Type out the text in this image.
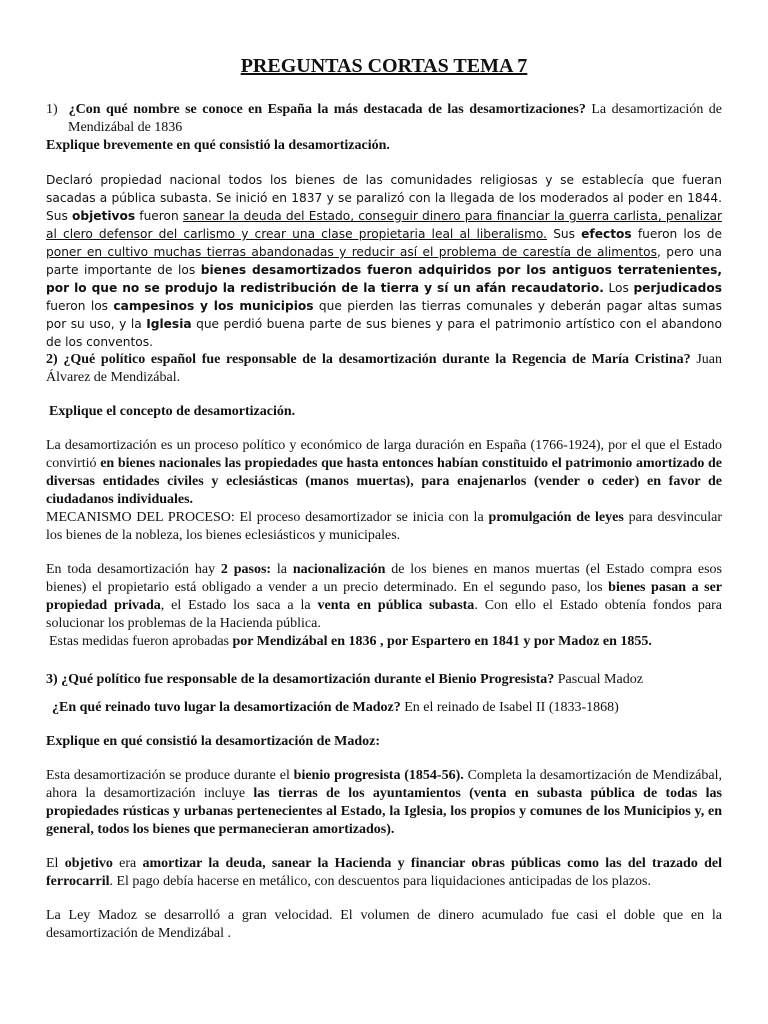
PREGUNTAS CORTAS TEMA 7
1) ¿Con qué nombre se conoce en España la más destacada de las desamortizaciones? La desamortización de Mendizábal de 1836
Explique brevemente en qué consistió la desamortización.
Declaró propiedad nacional todos los bienes de las comunidades religiosas y se establecía que fueran sacadas a pública subasta. Se inició en 1837 y se paralizó con la llegada de los moderados al poder en 1844. Sus objetivos fueron sanear la deuda del Estado, conseguir dinero para financiar la guerra carlista, penalizar al clero defensor del carlismo y crear una clase propietaria leal al liberalismo. Sus efectos fueron los de poner en cultivo muchas tierras abandonadas y reducir así el problema de carestía de alimentos, pero una parte importante de los bienes desamortizados fueron adquiridos por los antiguos terratenientes, por lo que no se produjo la redistribución de la tierra y sí un afán recaudatorio. Los perjudicados fueron los campesinos y los municipios que pierden las tierras comunales y deberán pagar altas sumas por su uso, y la Iglesia que perdió buena parte de sus bienes y para el patrimonio artístico con el abandono de los conventos.
2) ¿Qué político español fue responsable de la desamortización durante la Regencia de María Cristina? Juan Álvarez de Mendizábal.
Explique el concepto de desamortización.
La desamortización es un proceso político y económico de larga duración en España (1766-1924), por el que el Estado convirtió en bienes nacionales las propiedades que hasta entonces habían constituido el patrimonio amortizado de diversas entidades civiles y eclesiásticas (manos muertas), para enajenarlos (vender o ceder) en favor de ciudadanos individuales.
MECANISMO DEL PROCESO: El proceso desamortizador se inicia con la promulgación de leyes para desvincular los bienes de la nobleza, los bienes eclesiásticos y municipales.
En toda desamortización hay 2 pasos: la nacionalización de los bienes en manos muertas (el Estado compra esos bienes) el propietario está obligado a vender a un precio determinado. En el segundo paso, los bienes pasan a ser propiedad privada, el Estado los saca a la venta en pública subasta. Con ello el Estado obtenía fondos para solucionar los problemas de la Hacienda pública.
Estas medidas fueron aprobadas por Mendizábal en 1836 , por Espartero en 1841 y por Madoz en 1855.
3) ¿Qué político fue responsable de la desamortización durante el Bienio Progresista? Pascual Madoz
¿En qué reinado tuvo lugar la desamortización de Madoz? En el reinado de Isabel II (1833-1868)
Explique en qué consistió la desamortización de Madoz:
Esta desamortización se produce durante el bienio progresista (1854-56). Completa la desamortización de Mendizábal, ahora la desamortización incluye las tierras de los ayuntamientos (venta en subasta pública de todas las propiedades rústicas y urbanas pertenecientes al Estado, la Iglesia, los propios y comunes de los Municipios y, en general, todos los bienes que permanecieran amortizados).
El objetivo era amortizar la deuda, sanear la Hacienda y financiar obras públicas como las del trazado del ferrocarril. El pago debía hacerse en metálico, con descuentos para liquidaciones anticipadas de los plazos.
La Ley Madoz se desarrolló a gran velocidad. El volumen de dinero acumulado fue casi el doble que en la desamortización de Mendizábal .
